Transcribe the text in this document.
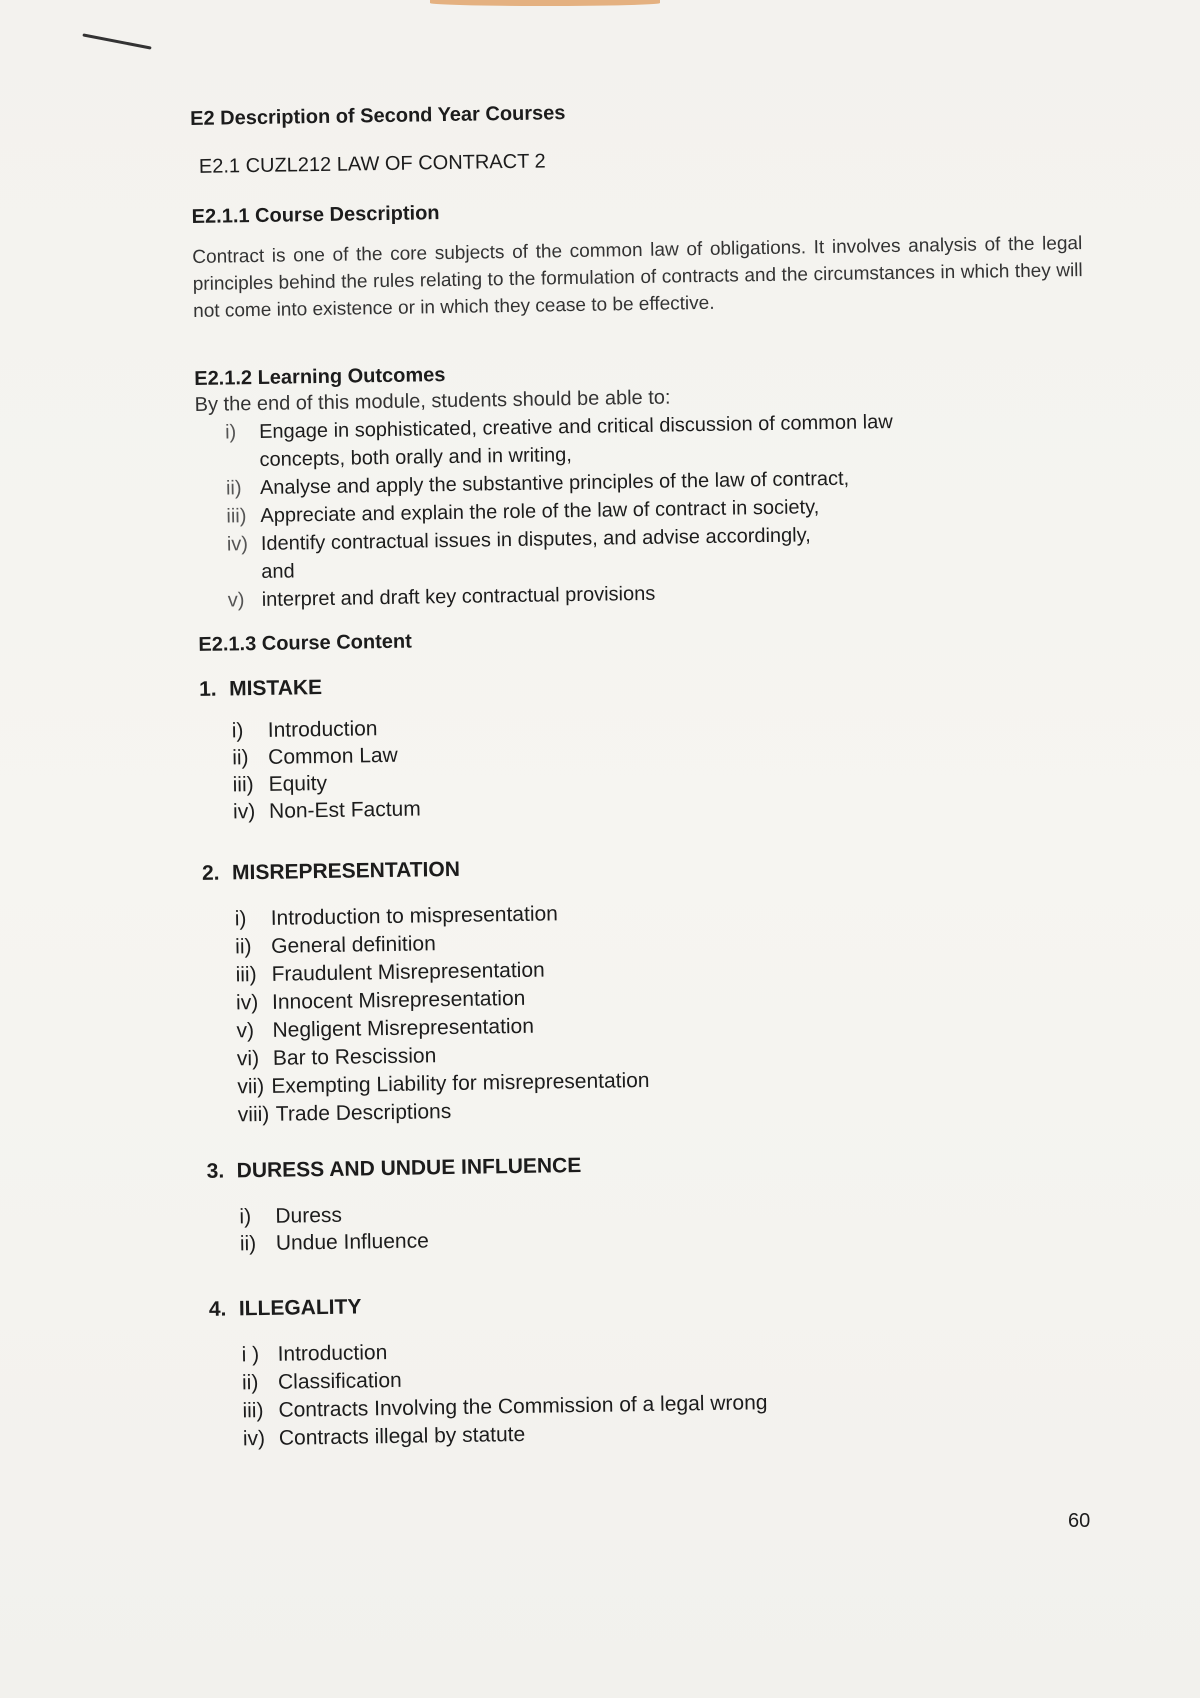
E2 Description of Second Year Courses
E2.1 CUZL212 LAW OF CONTRACT 2
E2.1.1 Course Description

Contract is one of the core subjects of the common law of obligations. It involves analysis of the legal principles behind the rules relating to the formulation of contracts and the circumstances in which they will not come into existence or in which they cease to be effective.

E2.1.2 Learning Outcomes
By the end of this module, students should be able to:
i) Engage in sophisticated, creative and critical discussion of common law
concepts, both orally and in writing,
ii) Analyse and apply the substantive principles of the law of contract,
iii) Appreciate and explain the role of the law of contract in society,
iv) Identify contractual issues in disputes, and advise accordingly,
and
v) interpret and draft key contractual provisions
E2.1.3 Course Content
1. MISTAKE
i) Introduction
ii) Common Law
iii) Equity
iv) Non-Est Factum
2. MISREPRESENTATION
i) Introduction to mispresentation
ii) General definition
iii) Fraudulent Misrepresentation
iv) Innocent Misrepresentation
v) Negligent Misrepresentation
vi) Bar to Rescission
vii) Exempting Liability for misrepresentation
viii) Trade Descriptions
3. DURESS AND UNDUE INFLUENCE
i) Duress
ii) Undue Influence
4. ILLEGALITY
i ) Introduction
ii) Classification
iii) Contracts Involving the Commission of a legal wrong
iv) Contracts illegal by statute
60
